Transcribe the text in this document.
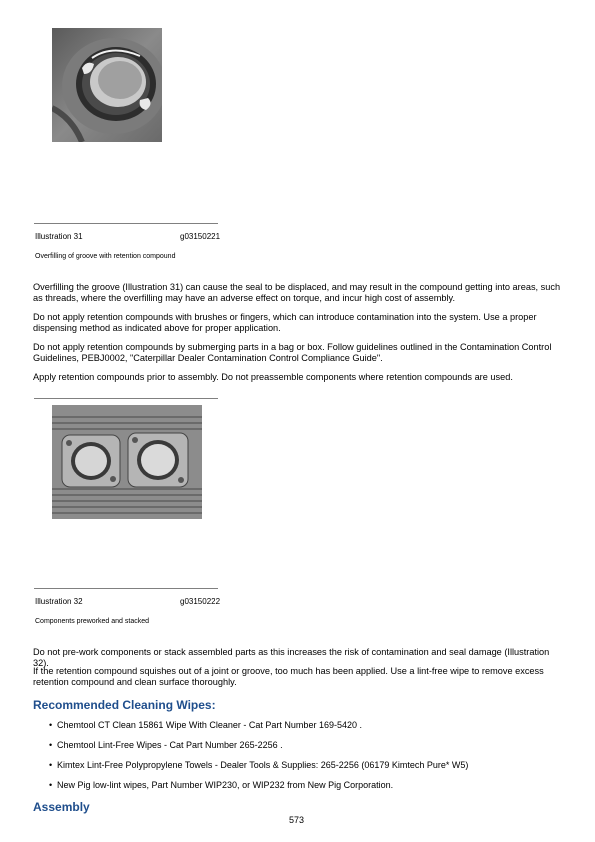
Illustration 31	g03150221
Overfilling of groove with retention compound

Overfilling the groove (Illustration 31) can cause the seal to be displaced, and may result in the compound getting into areas, such as threads, where the overfilling may have an adverse effect on torque, and incur high cost of assembly.

Do not apply retention compounds with brushes or fingers, which can introduce contamination into the system. Use a proper dispensing method as indicated above for proper application.

Do not apply retention compounds by submerging parts in a bag or box. Follow guidelines outlined in the Contamination Control Guidelines, PEBJ0002, "Caterpillar Dealer Contamination Control Compliance Guide".

Apply retention compounds prior to assembly. Do not preassemble components where retention compounds are used.

Illustration 32	g03150222
Components preworked and stacked

Do not pre-work components or stack assembled parts as this increases the risk of contamination and seal damage (Illustration 32).

If the retention compound squishes out of a joint or groove, too much has been applied. Use a lint-free wipe to remove excess retention compound and clean surface thoroughly.

Recommended Cleaning Wipes:
• Chemtool CT Clean 15861 Wipe With Cleaner - Cat Part Number 169-5420 .
• Chemtool Lint-Free Wipes - Cat Part Number 265-2256 .
• Kimtex Lint-Free Polypropylene Towels - Dealer Tools & Supplies: 265-2256 (06179 Kimtech Pure* W5)
• New Pig low-lint wipes, Part Number WIP230, or WIP232 from New Pig Corporation.
Assembly
573
